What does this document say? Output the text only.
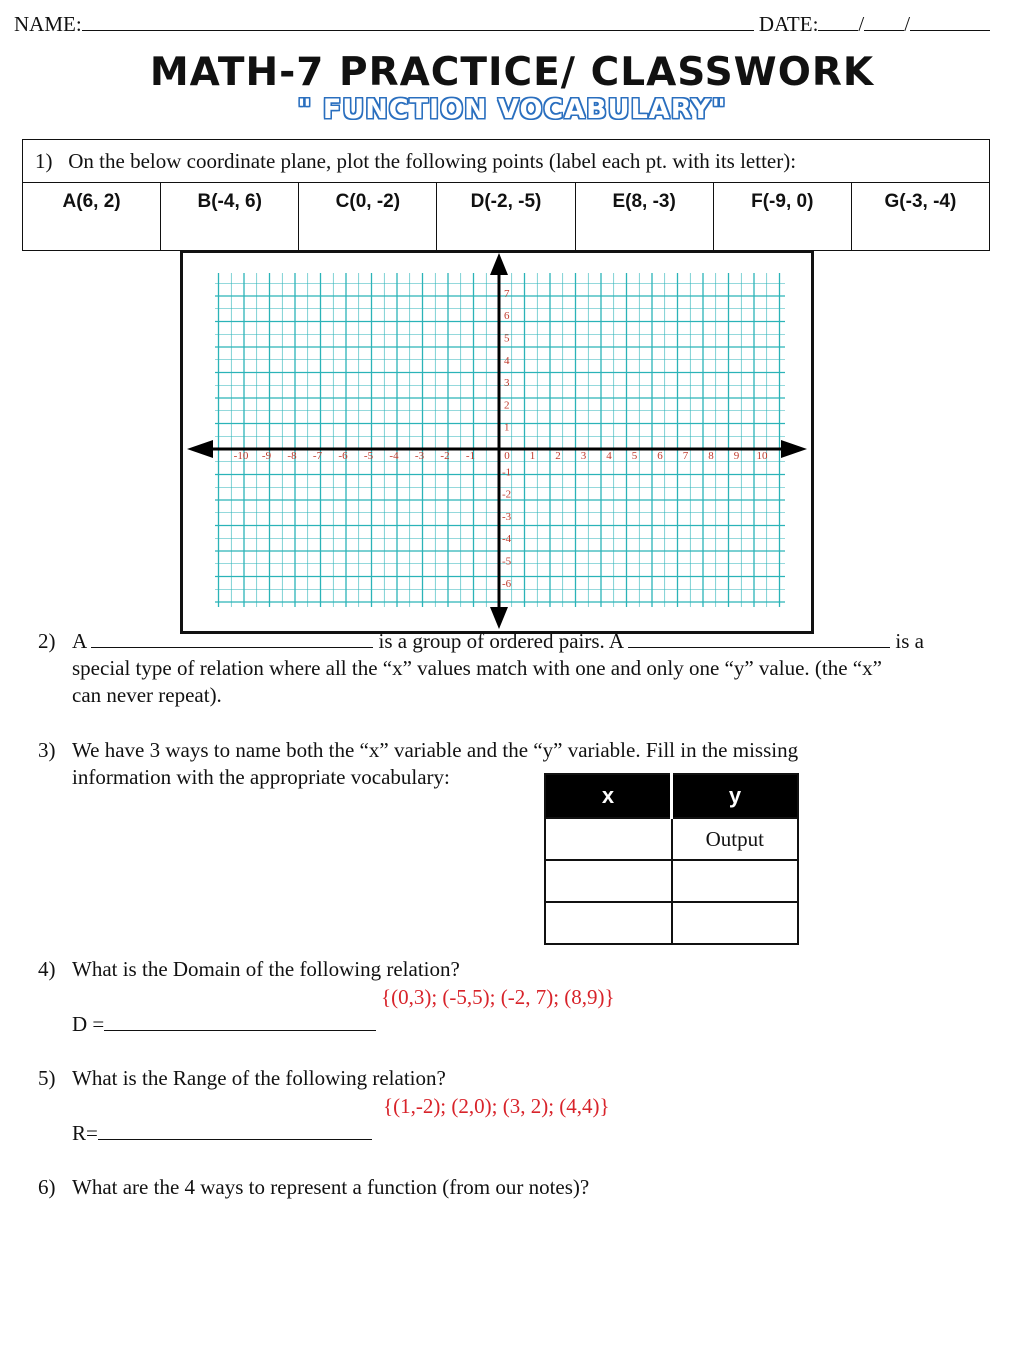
NAME:	DATE: / /
MATH-7 PRACTICE/ CLASSWORK
" FUNCTION VOCABULARY"
1) On the below coordinate plane, plot the following points (label each pt. with its letter):
A(6, 2)	B(-4, 6)	C(0, -2)	D(-2, -5)	E(8, -3)	F(-9, 0)	G(-3, -4)
-10 -9 -8 -7 -6 -5 -4 -3 -2 -1	0 1 2 3 4 5 6 7 8 9 10
7
6
5
4
3
2
1
-1
-2
-3
-4
-5
-6
2) A	is a group of ordered pairs. A	is a
special type of relation where all the “x” values match with one and only one “y” value. (the “x”
can never repeat).
3) We have 3 ways to name both the “x” variable and the “y” variable. Fill in the missing
information with the appropriate vocabulary:
x	y
	Output

4) What is the Domain of the following relation?
{(0,3); (-5,5); (-2, 7); (8,9)}
D =
5) What is the Range of the following relation?
{(1,-2); (2,0); (3, 2); (4,4)}
R=
6) What are the 4 ways to represent a function (from our notes)?
